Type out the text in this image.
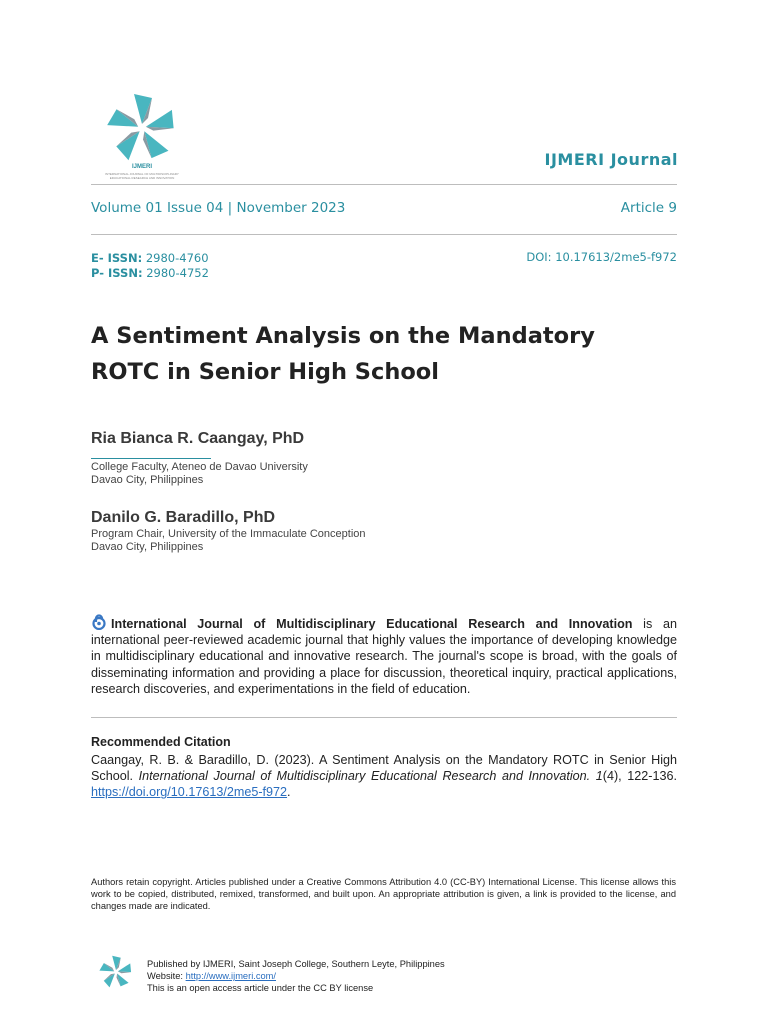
IJMERI
INTERNATIONAL JOURNAL OF MULTIDISCIPLINARY EDUCATIONAL RESEARCH AND INNOVATION
IJMERI Journal
Volume 01 Issue 04 | November 2023	Article 9
E- ISSN: 2980-4760
P- ISSN: 2980-4752
DOI: 10.17613/2me5-f972
A Sentiment Analysis on the Mandatory
ROTC in Senior High School
Ria Bianca R. Caangay, PhD
College Faculty, Ateneo de Davao University
Davao City, Philippines
Danilo G. Baradillo, PhD
Program Chair, University of the Immaculate Conception
Davao City, Philippines
International Journal of Multidisciplinary Educational Research and Innovation is an international peer-reviewed academic journal that highly values the importance of developing knowledge in multidisciplinary educational and innovative research. The journal's scope is broad, with the goals of disseminating information and providing a place for discussion, theoretical inquiry, practical applications, research discoveries, and experimentations in the field of education.
Recommended Citation
Caangay, R. B. & Baradillo, D. (2023). A Sentiment Analysis on the Mandatory ROTC in Senior High School. International Journal of Multidisciplinary Educational Research and Innovation. 1(4), 122-136. https://doi.org/10.17613/2me5-f972.
Authors retain copyright. Articles published under a Creative Commons Attribution 4.0 (CC-BY) International License. This license allows this work to be copied, distributed, remixed, transformed, and built upon. An appropriate attribution is given, a link is provided to the license, and changes made are indicated.
Published by IJMERI, Saint Joseph College, Southern Leyte, Philippines
Website: http://www.ijmeri.com/
This is an open access article under the CC BY license
